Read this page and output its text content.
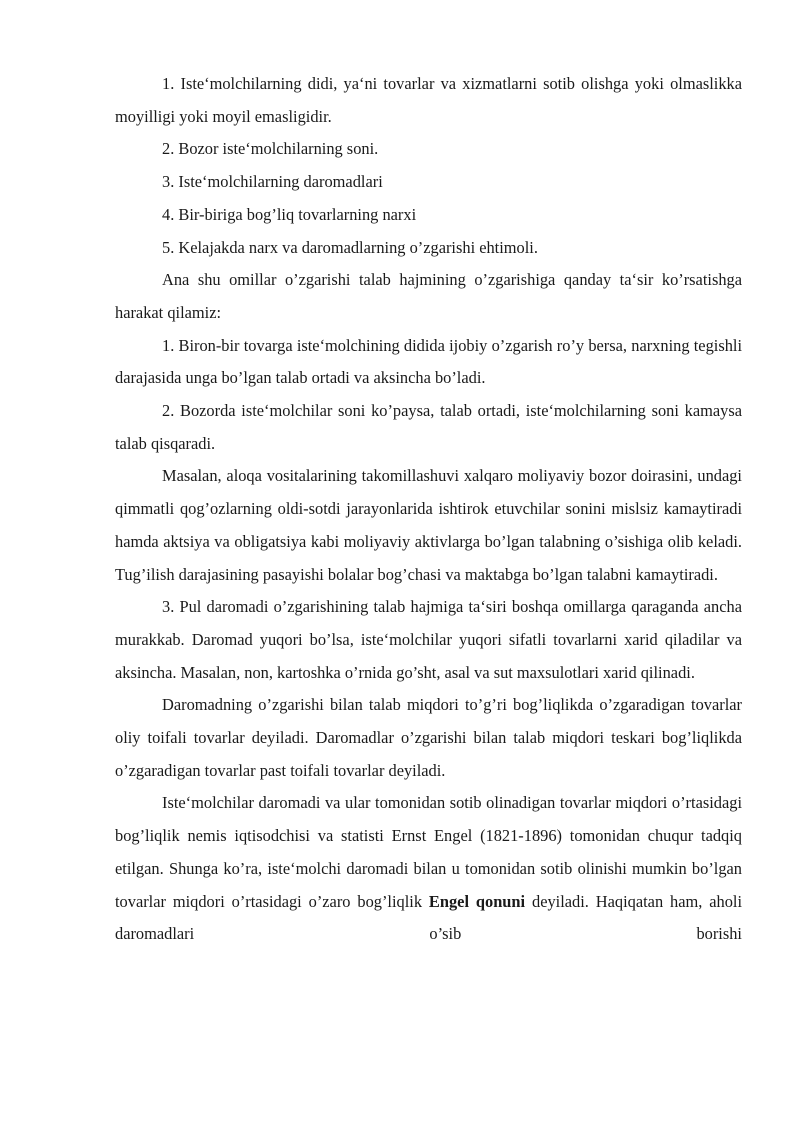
1. Iste‘molchilarning didi, ya‘ni tovarlar va xizmatlarni sotib olishga yoki olmaslikka moyilligi yoki moyil emasligidir.

2. Bozor iste‘molchilarning soni.

3. Iste‘molchilarning daromadlari

4. Bir-biriga bog’liq tovarlarning narxi

5. Kelajakda narx va daromadlarning o’zgarishi ehtimoli.

Ana shu omillar o’zgarishi talab hajmining o’zgarishiga qanday ta‘sir ko’rsatishga harakat qilamiz:

1. Biron-bir tovarga iste‘molchining didida ijobiy o’zgarish ro’y bersa, narxning tegishli darajasida unga bo’lgan talab ortadi va aksincha bo’ladi.

2. Bozorda iste‘molchilar soni ko’paysa, talab ortadi, iste‘molchilarning soni kamaysa talab qisqaradi.

Masalan, aloqa vositalarining takomillashuvi xalqaro moliyaviy bozor doirasini, undagi qimmatli qog’ozlarning oldi-sotdi jarayonlarida ishtirok etuvchilar sonini mislsiz kamaytiradi hamda aktsiya va obligatsiya kabi moliyaviy aktivlarga bo’lgan talabning o’sishiga olib keladi. Tug’ilish darajasining pasayishi bolalar bog’chasi va maktabga bo’lgan talabni kamaytiradi.

3. Pul daromadi o’zgarishining talab hajmiga ta‘siri boshqa omillarga qaraganda ancha murakkab. Daromad yuqori bo’lsa, iste‘molchilar yuqori sifatli tovarlarni xarid qiladilar va aksincha. Masalan, non, kartoshka o’rnida go’sht, asal va sut maxsulotlari xarid qilinadi.

Daromadning o’zgarishi bilan talab miqdori to’g’ri bog’liqlikda o’zgaradigan tovarlar oliy toifali tovarlar deyiladi. Daromadlar o’zgarishi bilan talab miqdori teskari bog’liqlikda o’zgaradigan tovarlar past toifali tovarlar deyiladi.

Iste‘molchilar daromadi va ular tomonidan sotib olinadigan tovarlar miqdori o’rtasidagi bog’liqlik nemis iqtisodchisi va statisti Ernst Engel (1821-1896) tomonidan chuqur tadqiq etilgan. Shunga ko’ra, iste‘molchi daromadi bilan u tomonidan sotib olinishi mumkin bo’lgan tovarlar miqdori o’rtasidagi o’zaro bog’liqlik Engel qonuni deyiladi. Haqiqatan ham, aholi daromadlari o’sib borishi
